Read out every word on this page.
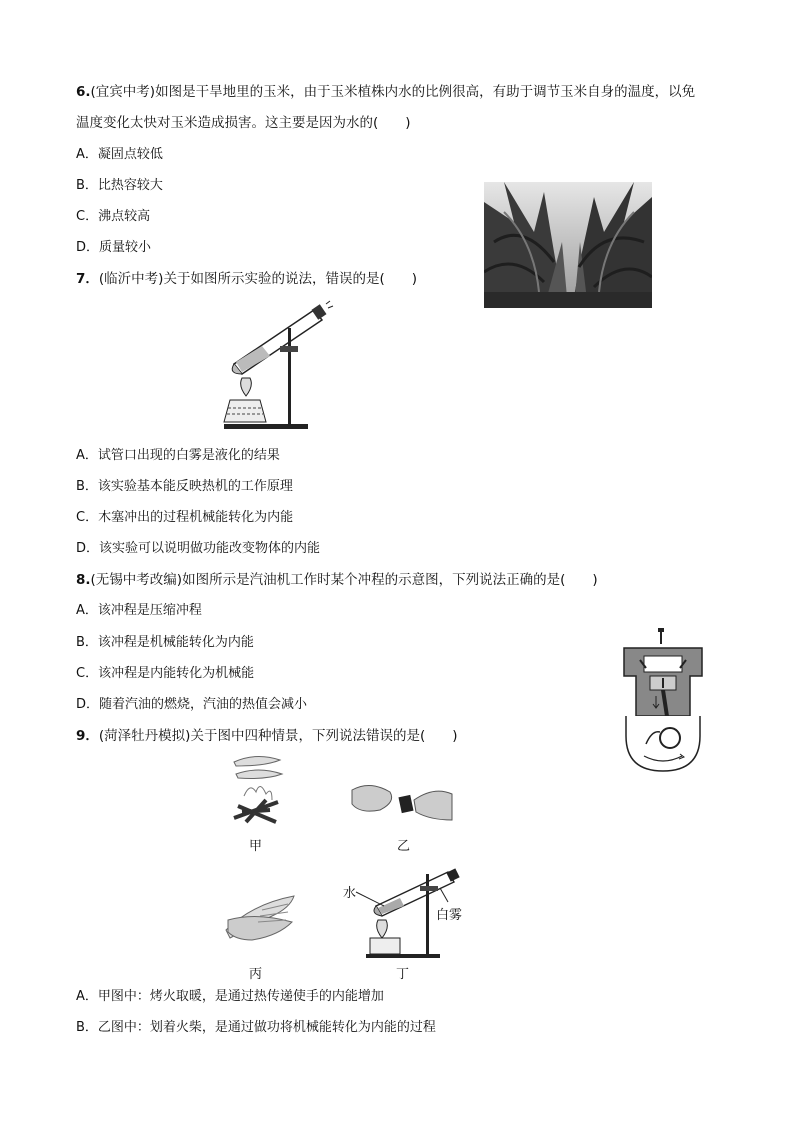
6.(宜宾中考)如图是干旱地里的玉米，由于玉米植株内水的比例很高，有助于调节玉米自身的温度，以免
温度变化太快对玉米造成损害。这主要是因为水的(　　)
A．凝固点较低
B．比热容较大
C．沸点较高
D．质量较小
7．(临沂中考)关于如图所示实验的说法，错误的是(　　)
A．试管口出现的白雾是液化的结果
B．该实验基本能反映热机的工作原理
C．木塞冲出的过程机械能转化为内能
D．该实验可以说明做功能改变物体的内能
8.(无锡中考改编)如图所示是汽油机工作时某个冲程的示意图，下列说法正确的是(　　)
A．该冲程是压缩冲程
B．该冲程是机械能转化为内能
C．该冲程是内能转化为机械能
D．随着汽油的燃烧，汽油的热值会减小
9．(菏泽牡丹模拟)关于图中四种情景，下列说法错误的是(　　)
甲	乙
丙
水
白雾
丁
A．甲图中：烤火取暖，是通过热传递使手的内能增加
B．乙图中：划着火柴，是通过做功将机械能转化为内能的过程
